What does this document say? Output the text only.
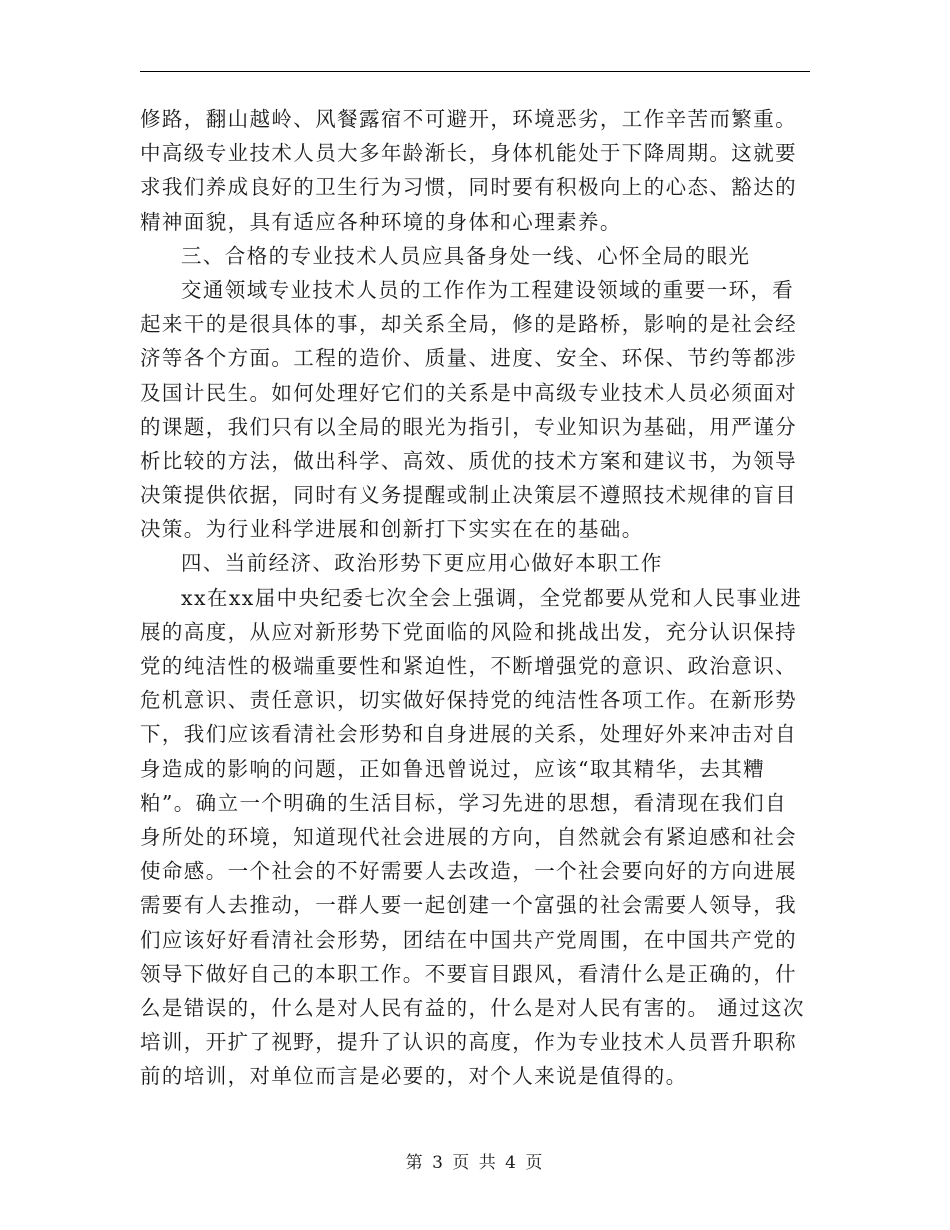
修路，翻山越岭、风餐露宿不可避开，环境恶劣，工作辛苦而繁重。
中高级专业技术人员大多年龄渐长，身体机能处于下降周期。这就要
求我们养成良好的卫生行为习惯，同时要有积极向上的心态、豁达的
精神面貌，具有适应各种环境的身体和心理素养。
三、合格的专业技术人员应具备身处一线、心怀全局的眼光
交通领域专业技术人员的工作作为工程建设领域的重要一环，看
起来干的是很具体的事，却关系全局，修的是路桥，影响的是社会经
济等各个方面。工程的造价、质量、进度、安全、环保、节约等都涉
及国计民生。如何处理好它们的关系是中高级专业技术人员必须面对
的课题，我们只有以全局的眼光为指引，专业知识为基础，用严谨分
析比较的方法，做出科学、高效、质优的技术方案和建议书，为领导
决策提供依据，同时有义务提醒或制止决策层不遵照技术规律的盲目
决策。为行业科学进展和创新打下实实在在的基础。
四、当前经济、政治形势下更应用心做好本职工作
xx在xx届中央纪委七次全会上强调，全党都要从党和人民事业进
展的高度，从应对新形势下党面临的风险和挑战出发，充分认识保持
党的纯洁性的极端重要性和紧迫性，不断增强党的意识、政治意识、
危机意识、责任意识，切实做好保持党的纯洁性各项工作。在新形势
下，我们应该看清社会形势和自身进展的关系，处理好外来冲击对自
身造成的影响的问题，正如鲁迅曾说过，应该“取其精华，去其糟
粕”。确立一个明确的生活目标，学习先进的思想，看清现在我们自
身所处的环境，知道现代社会进展的方向，自然就会有紧迫感和社会
使命感。一个社会的不好需要人去改造，一个社会要向好的方向进展
需要有人去推动，一群人要一起创建一个富强的社会需要人领导，我
们应该好好看清社会形势，团结在中国共产党周围，在中国共产党的
领导下做好自己的本职工作。不要盲目跟风，看清什么是正确的，什
么是错误的，什么是对人民有益的，什么是对人民有害的。 通过这次
培训，开扩了视野，提升了认识的高度，作为专业技术人员晋升职称
前的培训，对单位而言是必要的，对个人来说是值得的。
第 3 页 共 4 页
